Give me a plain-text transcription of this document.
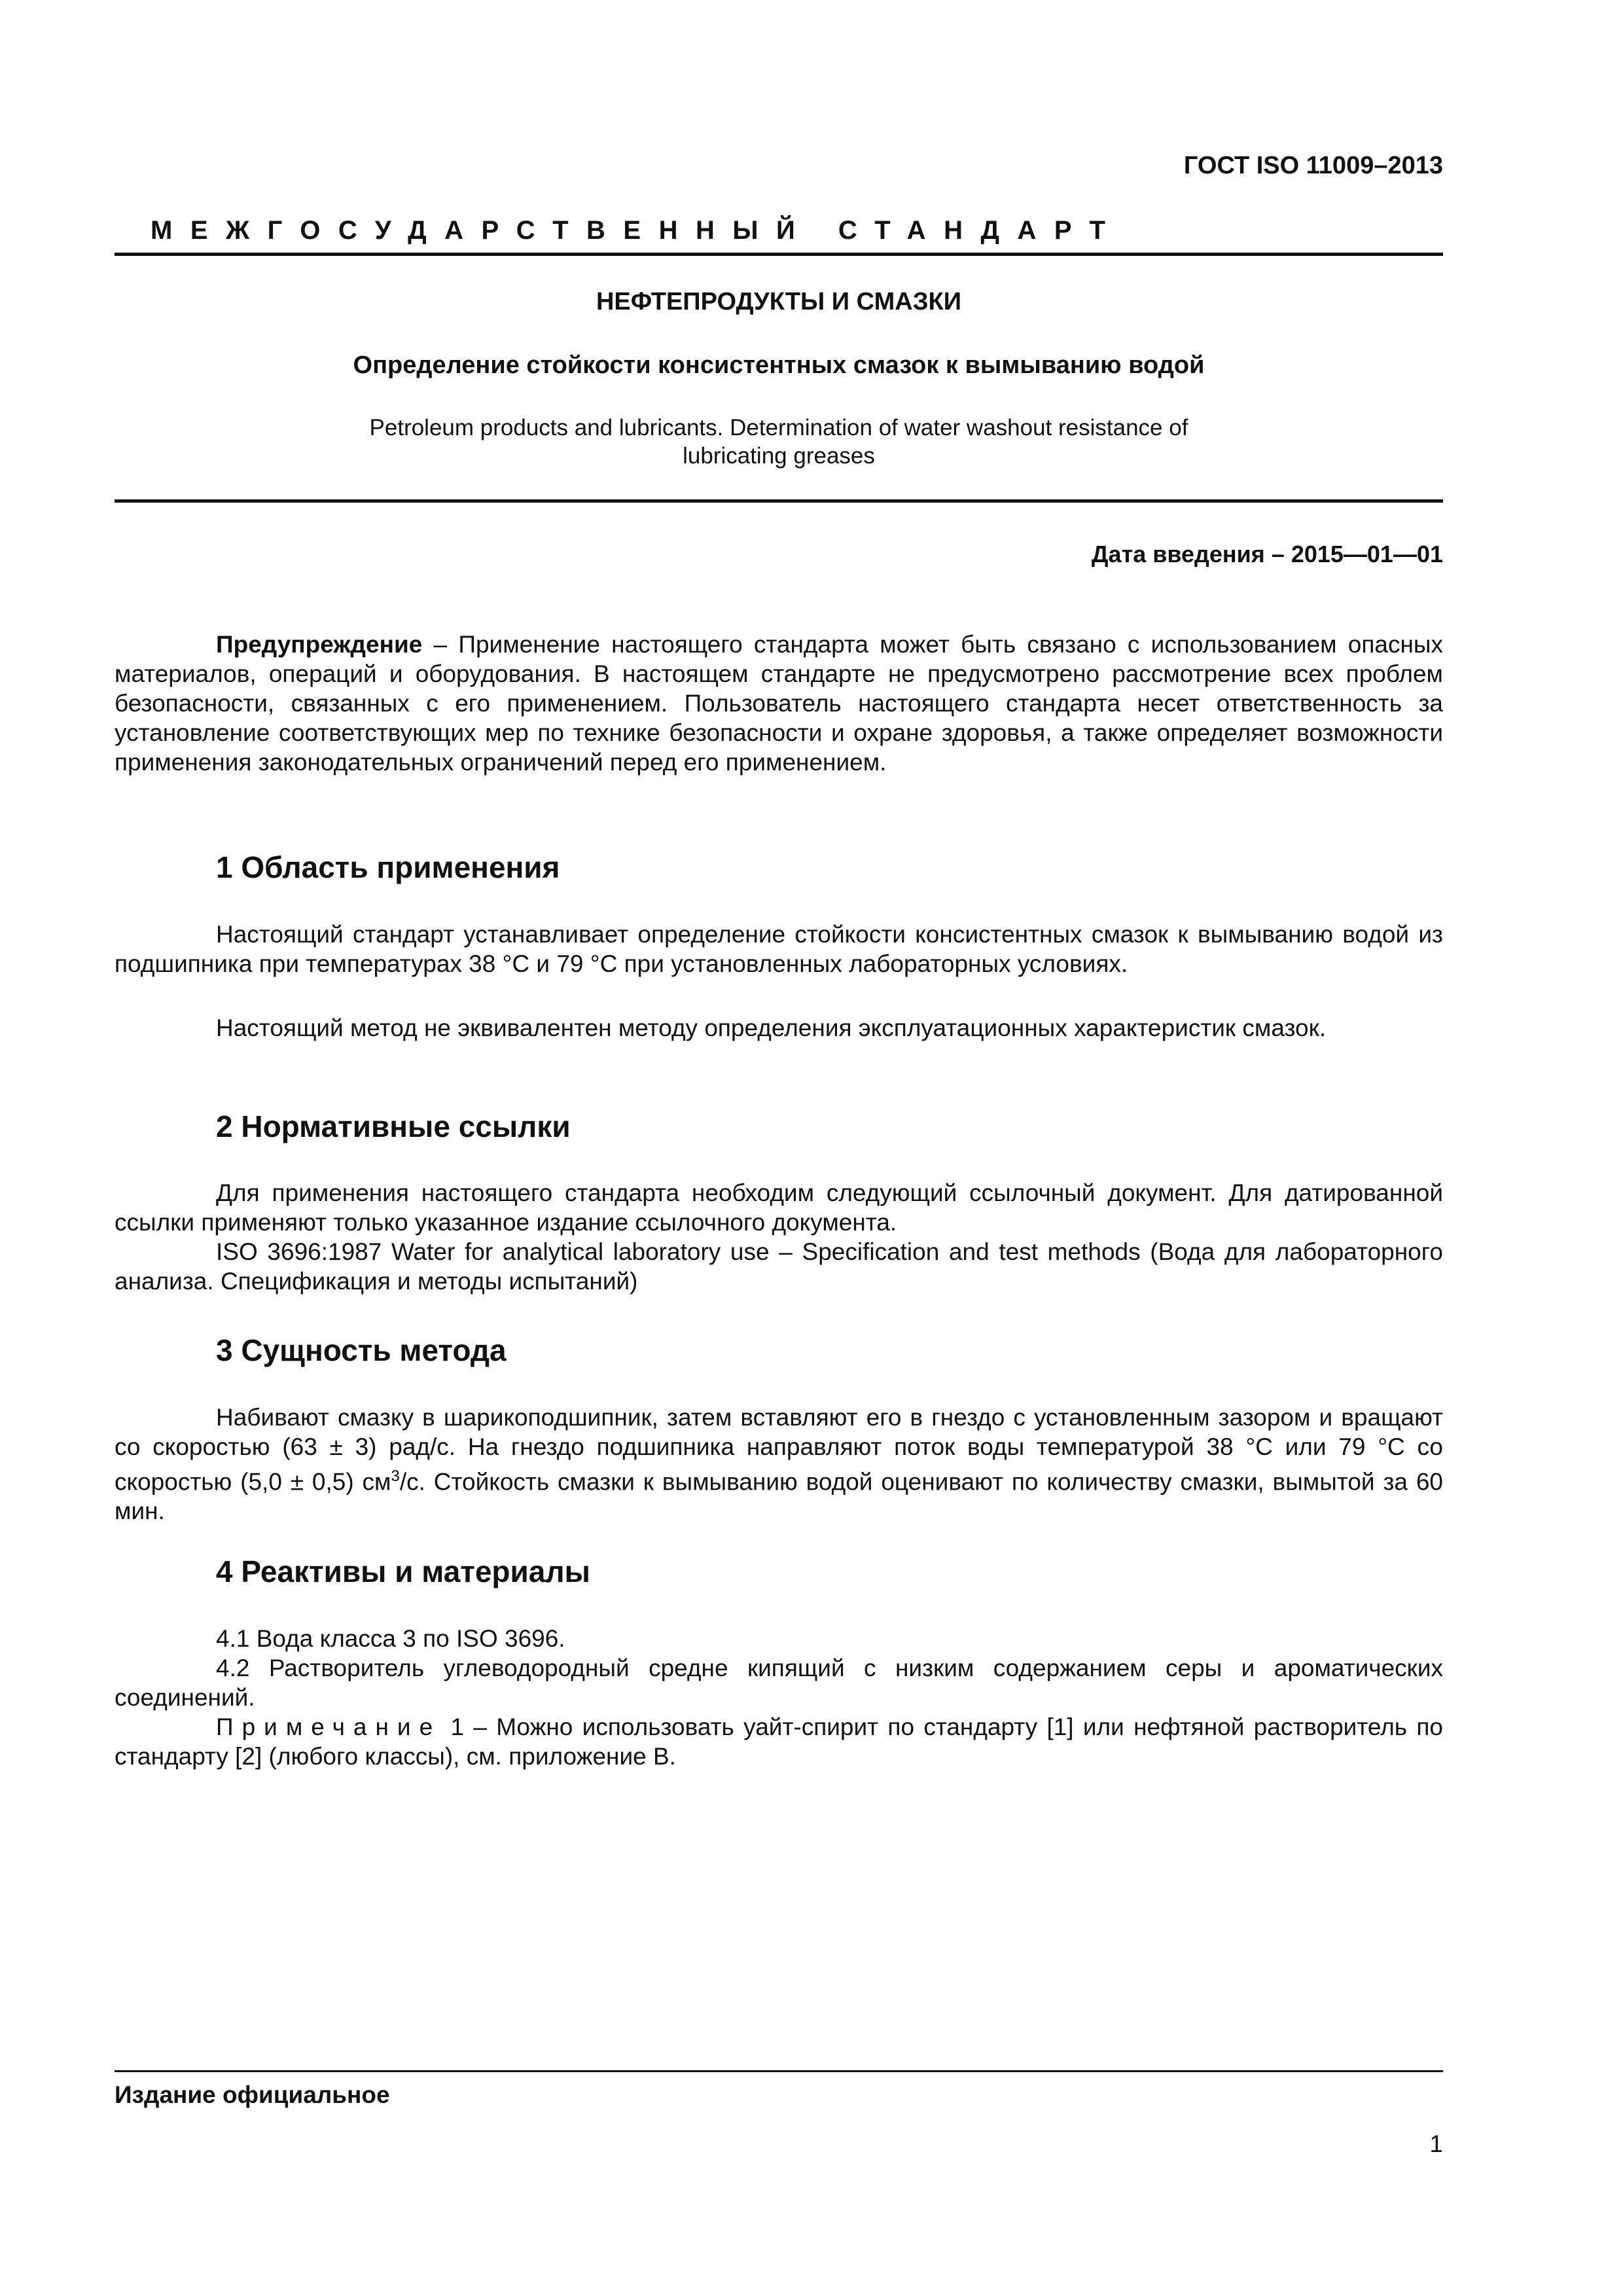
ГОСТ ISO 11009–2013
МЕЖГОСУДАРСТВЕННЫЙ СТАНДАРТ
НЕФТЕПРОДУКТЫ И СМАЗКИ
Определение стойкости консистентных смазок к вымыванию водой
Petroleum products and lubricants. Determination of water washout resistance of
lubricating greases
Дата введения – 2015—01—01
Предупреждение – Применение настоящего стандарта может быть связано с использованием опасных материалов, операций и оборудования. В настоящем стандарте не предусмотрено рассмотрение всех проблем безопасности, связанных с его применением. Пользователь настоящего стандарта несет ответственность за установление соответствующих мер по технике безопасности и охране здоровья, а также определяет возможности применения законодательных ограничений перед его применением.
1 Область применения
Настоящий стандарт устанавливает определение стойкости консистентных смазок к вымыванию водой из подшипника при температурах 38 °С и 79 °С при установленных лабораторных условиях.
Настоящий метод не эквивалентен методу определения эксплуатационных характеристик смазок.
2 Нормативные ссылки
Для применения настоящего стандарта необходим следующий ссылочный документ. Для датированной ссылки применяют только указанное издание ссылочного документа.
ISO 3696:1987 Water for analytical laboratory use – Specification and test methods (Вода для лабораторного анализа. Спецификация и методы испытаний)
3 Сущность метода
Набивают смазку в шарикоподшипник, затем вставляют его в гнездо с установленным зазором и вращают со скоростью (63 ± 3) рад/с. На гнездо подшипника направляют поток воды температурой 38 °С или 79 °С со скоростью (5,0 ± 0,5) $см^3/с$. Стойкость смазки к вымыванию водой оценивают по количеству смазки, вымытой за 60 мин.
4 Реактивы и материалы
4.1 Вода класса 3 по ISO 3696.
4.2 Растворитель углеводородный средне кипящий с низким содержанием серы и ароматических соединений.
Примечание 1 – Можно использовать уайт-спирит по стандарту [1] или нефтяной растворитель по стандарту [2] (любого классы), см. приложение В.
Издание официальное
1
